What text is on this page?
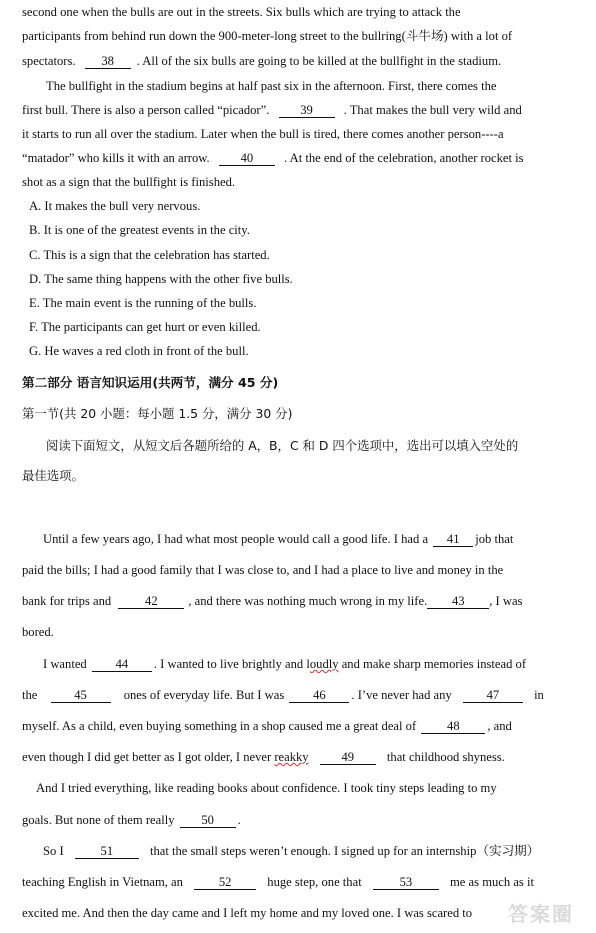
second one when the bulls are out in the streets. Six bulls which are trying to attack the
participants from behind run down the 900-meter-long street to the bullring(斗牛场) with a lot of
spectators. 38 . All of the six bulls are going to be killed at the bullfight in the stadium.
The bullfight in the stadium begins at half past six in the afternoon. First, there comes the
first bull. There is also a person called “picador”. 39 . That makes the bull very wild and
it starts to run all over the stadium. Later when the bull is tired, there comes another person----a
“matador” who kills it with an arrow. 40 . At the end of the celebration, another rocket is
shot as a sign that the bullfight is finished.
A. It makes the bull very nervous.
B. It is one of the greatest events in the city.
C. This is a sign that the celebration has started.
D. The same thing happens with the other five bulls.
E. The main event is the running of the bulls.
F. The participants can get hurt or even killed.
G. He waves a red cloth in front of the bull.
第二部分 语言知识运用(共两节，满分 45 分)
第一节(共 20 小题：每小题 1.5 分，满分 30 分)
阅读下面短文，从短文后各题所给的 A，B，C 和 D 四个选项中，选出可以填入空处的
最佳选项。
Until a few years ago, I had what most people would call a good life. I had a 41 job that
paid the bills; I had a good family that I was close to, and I had a place to live and money in the
bank for trips and	42 , and there was nothing much wrong in my life. 43 , I was
bored.
I wanted 44 . I wanted to live brightly and loudly and make sharp memories instead of
the	45	ones of everyday life. But I was 46 . I’ve never had any	47	in
myself. As a child, even buying something in a shop caused me a great deal of 48 , and
even though I did get better as I got older, I never reakky	49	that childhood shyness.
And I tried everything, like reading books about confidence. I took tiny steps leading to my
goals. But none of them really 50 .
So I	51	that the small steps weren’t enough. I signed up for an internship（实习期）
teaching English in Vietnam, an	52	huge step, one that	53	me as much as it
excited me. And then the day came and I left my home and my loved one. I was scared to	答案圈
